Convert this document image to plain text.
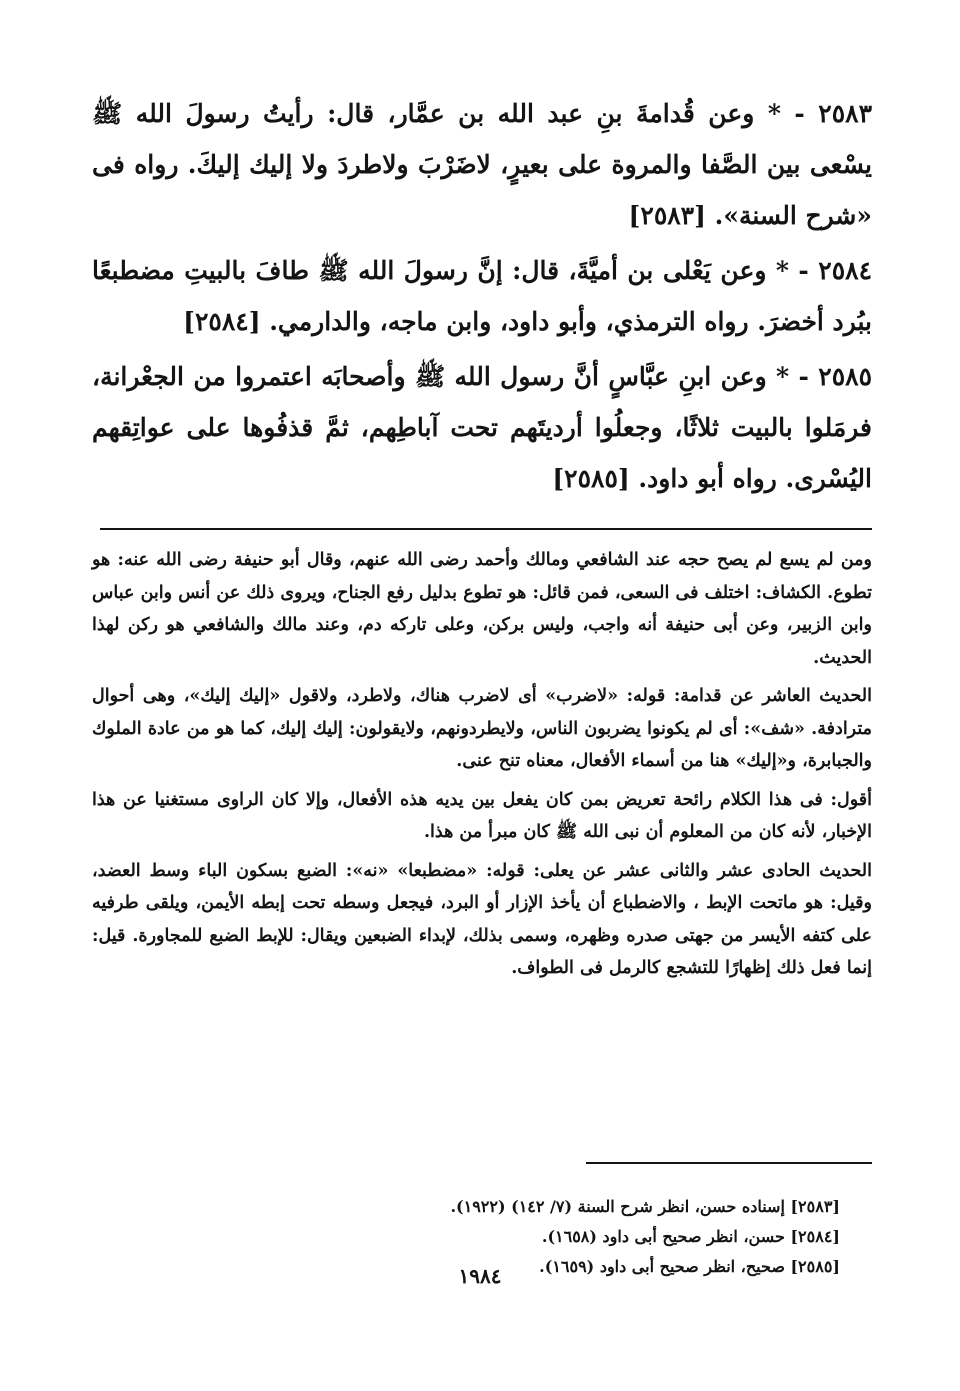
٢٥٨٣ - * وعن قُدامةَ بنِ عبد الله بن عمَّار، قال: رأيتُ رسولَ الله ﷺ يسْعى بين الصَّفا والمروة على بعيرٍ، لاضَرْبَ ولاطردَ ولا إليك إليكَ. رواه فى «شرح السنة». [٢٥٨٣]

٢٥٨٤ - * وعن يَعْلى بن أميَّةَ، قال: إنَّ رسولَ الله ﷺ طافَ بالبيتِ مضطبعًا ببُرد أخضرَ. رواه الترمذي، وأبو داود، وابن ماجه، والدارمي. [٢٥٨٤]

٢٥٨٥ - * وعن ابنِ عبَّاسٍ أنَّ رسول الله ﷺ وأصحابَه اعتمروا من الجعْرانة، فرمَلوا بالبيت ثلاثًا، وجعلُوا أرديتَهم تحت آباطِهم، ثمَّ قذفُوها على عواتِقهم اليُسْرى. رواه أبو داود. [٢٥٨٥]

ومن لم يسع لم يصح حجه عند الشافعي ومالك وأحمد رضى الله عنهم، وقال أبو حنيفة رضى الله عنه: هو تطوع. الكشاف: اختلف فى السعى، فمن قائل: هو تطوع بدليل رفع الجناح، ويروى ذلك عن أنس وابن عباس وابن الزبير، وعن أبى حنيفة أنه واجب، وليس بركن، وعلى تاركه دم، وعند مالك والشافعي هو ركن لهذا الحديث.

الحديث العاشر عن قدامة: قوله: «لاضرب» أى لاضرب هناك، ولاطرد، ولاقول «إليك إليك»، وهى أحوال مترادفة. «شف»: أى لم يكونوا يضربون الناس، ولايطردونهم، ولايقولون: إليك إليك، كما هو من عادة الملوك والجبابرة، و«إليك» هنا من أسماء الأفعال، معناه تنح عنى.

أقول: فى هذا الكلام رائحة تعريض بمن كان يفعل بين يديه هذه الأفعال، وإلا كان الراوى مستغنيا عن هذا الإخبار، لأنه كان من المعلوم أن نبى الله ﷺ كان مبرأ من هذا.

الحديث الحادى عشر والثانى عشر عن يعلى: قوله: «مضطبعا» «نه»: الضبع بسكون الباء وسط العضد، وقيل: هو ماتحت الإبط ، والاضطباع أن يأخذ الإزار أو البرد، فيجعل وسطه تحت إبطه الأيمن، ويلقى طرفيه على كتفه الأيسر من جهتى صدره وظهره، وسمى بذلك، لإبداء الضبعين ويقال: للإبط الضبع للمجاورة. قيل: إنما فعل ذلك إظهارًا للتشجع كالرمل فى الطواف.

[٢٥٨٣] إسناده حسن، انظر شرح السنة (٧/ ١٤٢) (١٩٢٢).

[٢٥٨٤] حسن، انظر صحيح أبى داود (١٦٥٨).

[٢٥٨٥] صحيح، انظر صحيح أبى داود (١٦٥٩).

١٩٨٤
